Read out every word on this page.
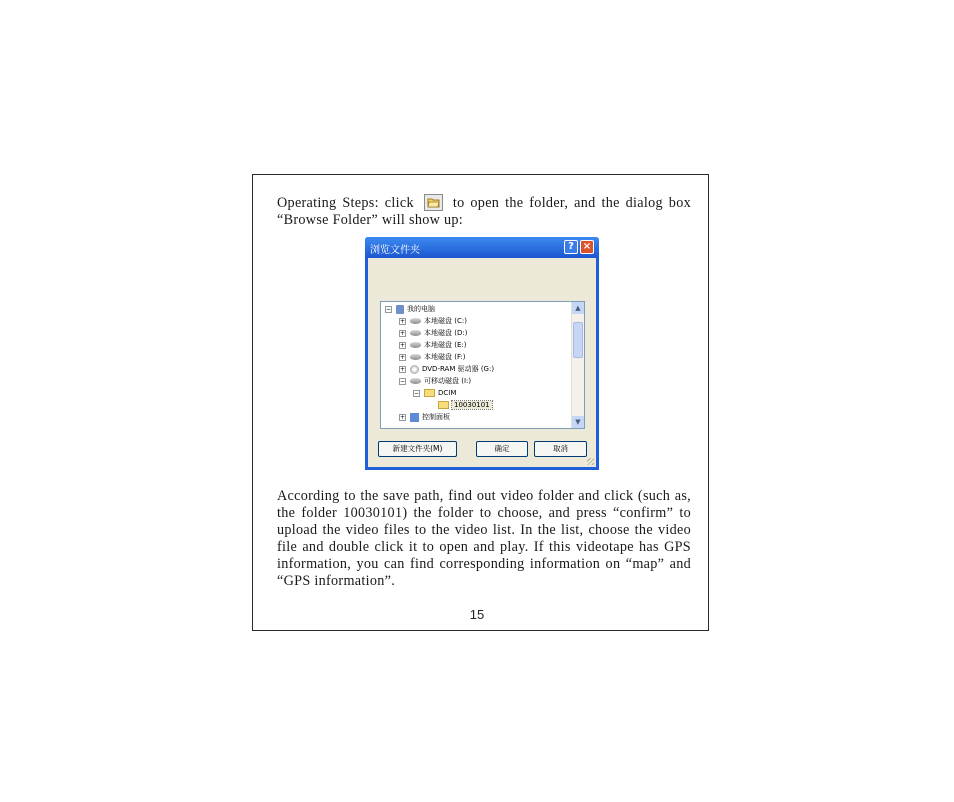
Operating Steps: click	to open the folder, and the dialog box “Browse Folder” will show up:
浏览文件夹	? ×
− 我的电脑
+	本地磁盘 (C:)
+	本地磁盘 (D:)
+	本地磁盘 (E:)
+	本地磁盘 (F:)
+ DVD-RAM 驱动器 (G:)
−	可移动磁盘 (I:)
−	DCIM
10030101
+ 控制面板
▲
▼
新建文件夹(M)	确定	取消
According to the save path, find out video folder and click (such as, the folder 10030101) the folder to choose, and press “confirm” to upload the video files to the video list. In the list, choose the video file and double click it to open and play. If this videotape has GPS information, you can find corresponding information on “map” and “GPS information”.
15
